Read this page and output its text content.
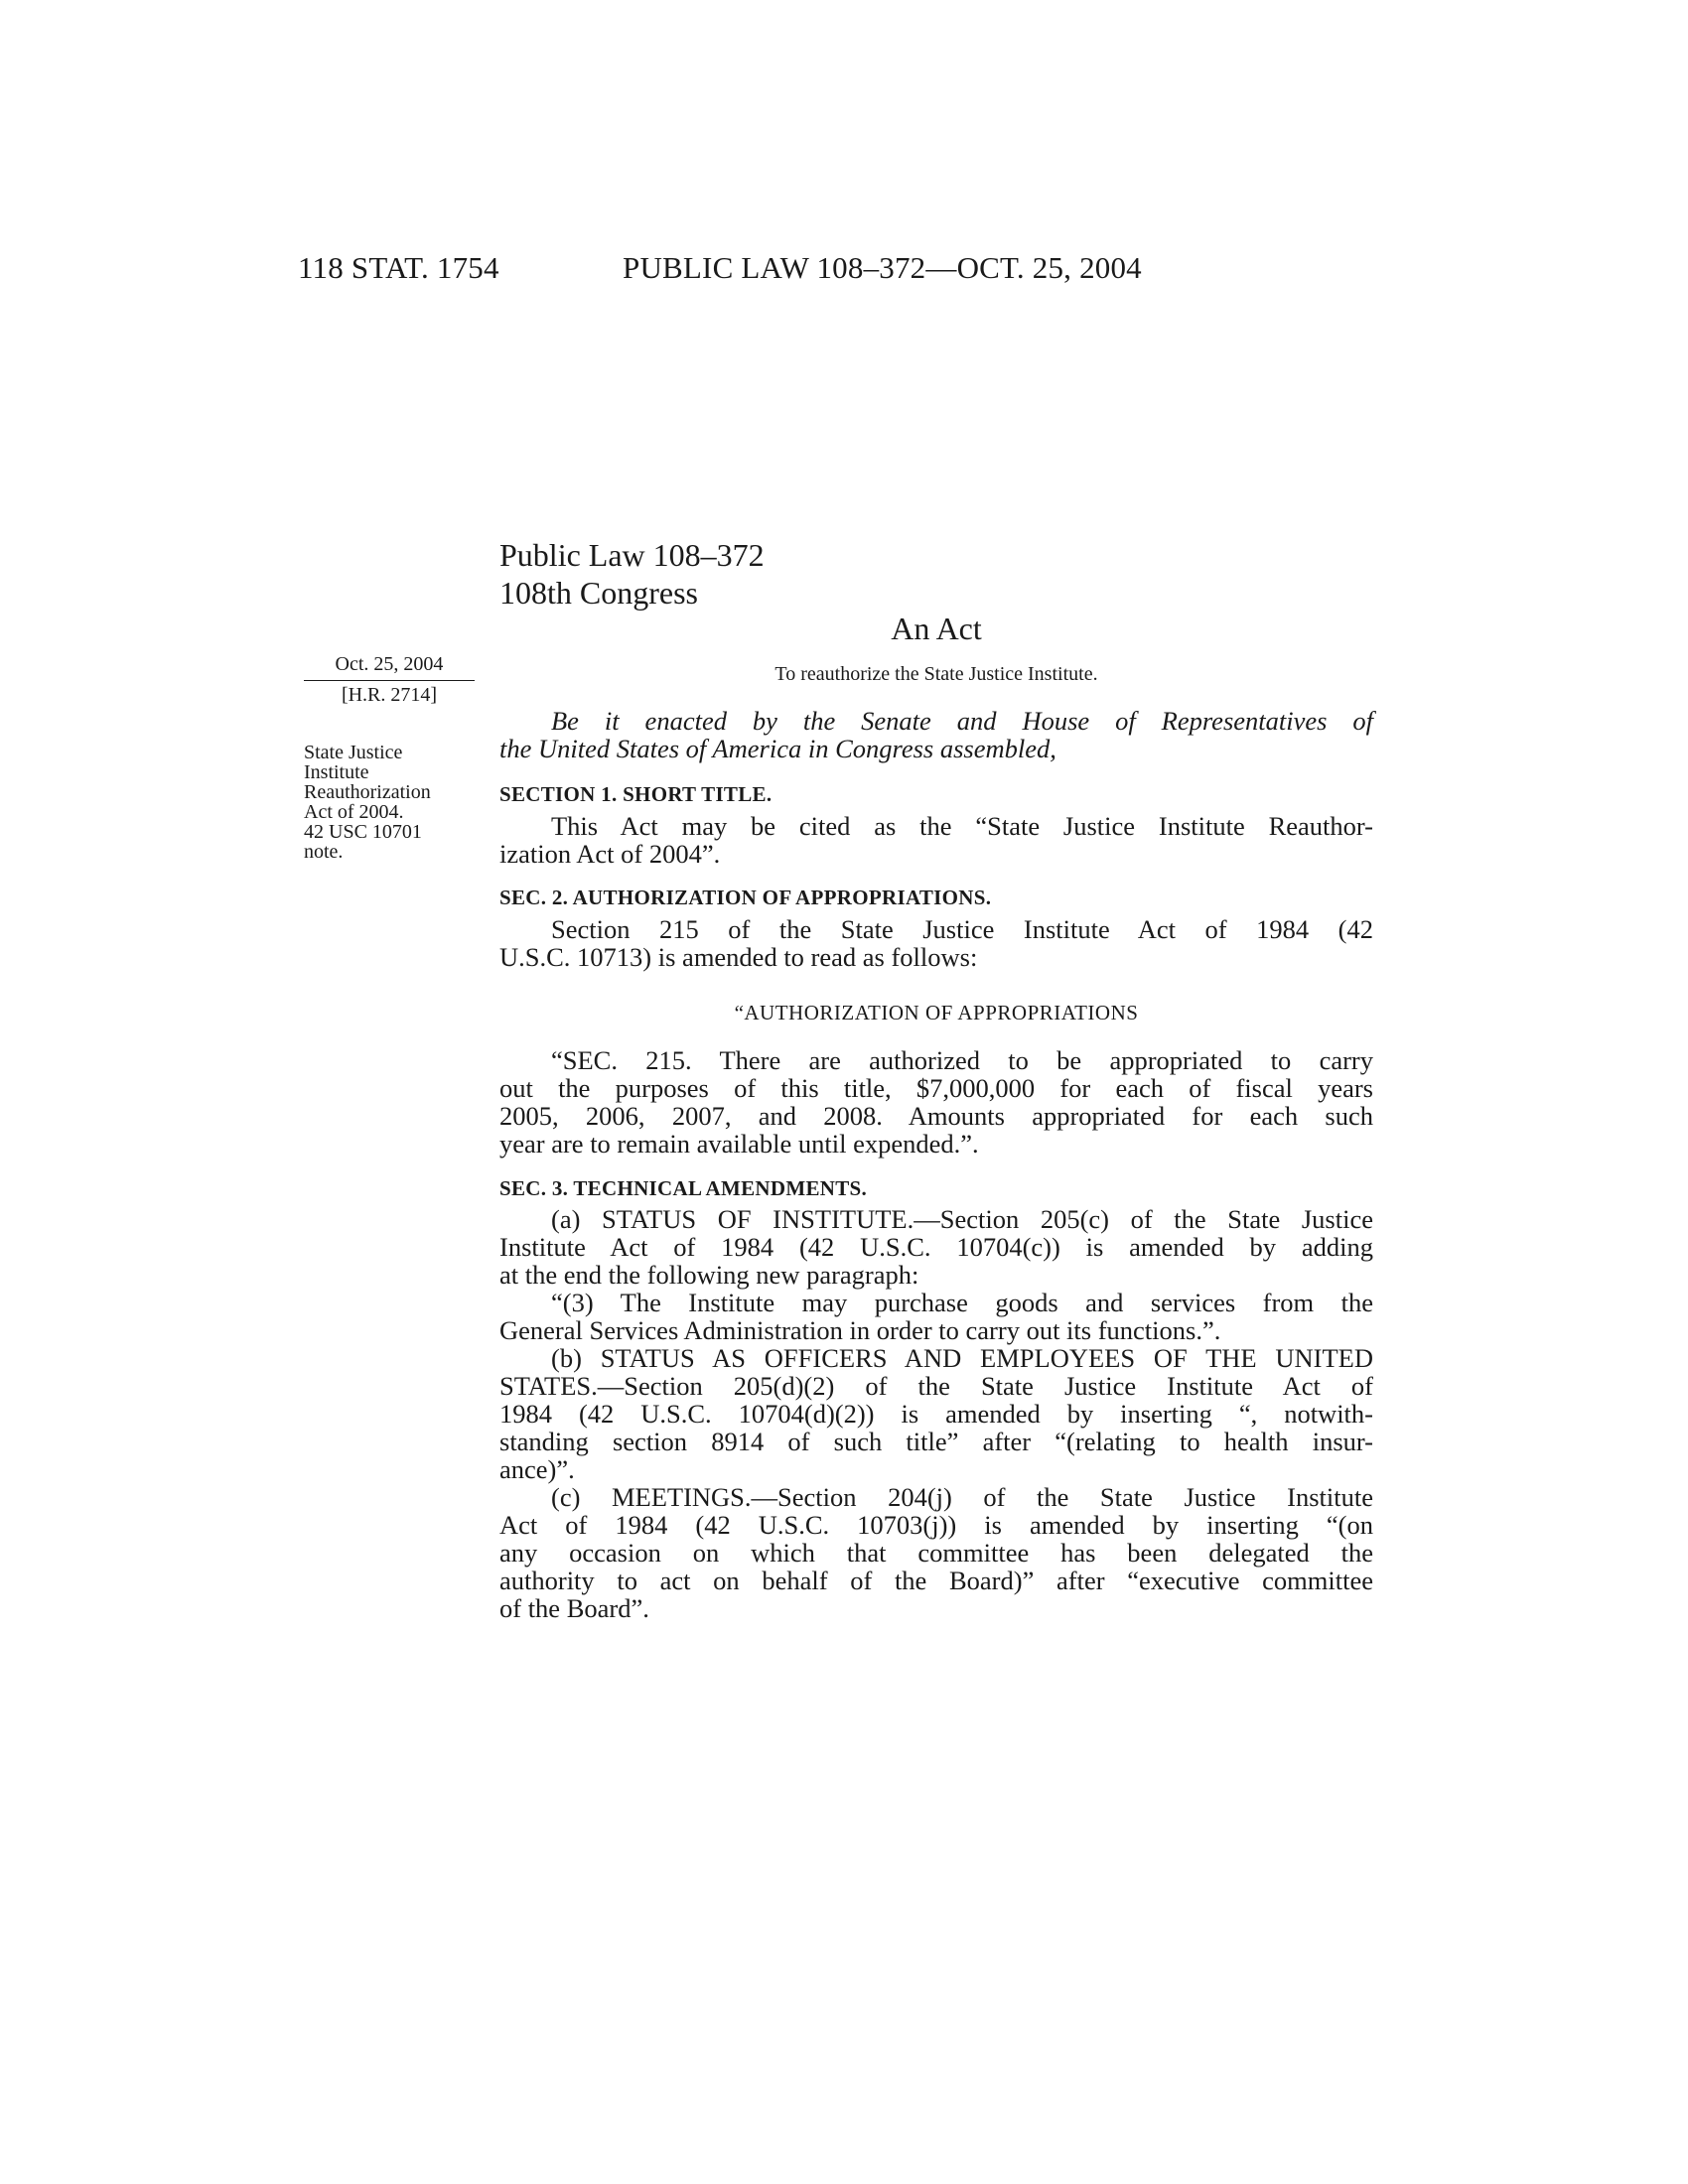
118 STAT. 1754	PUBLIC LAW 108–372—OCT. 25, 2004
Public Law 108–372
108th Congress
An Act
To reauthorize the State Justice Institute.
Oct. 25, 2004
[H.R. 2714]
State Justice
Institute
Reauthorization
Act of 2004.
42 USC 10701
note.
Be it enacted by the Senate and House of Representatives of
the United States of America in Congress assembled,
SECTION 1. SHORT TITLE.
This Act may be cited as the “State Justice Institute Reauthor-
ization Act of 2004”.
SEC. 2. AUTHORIZATION OF APPROPRIATIONS.
Section 215 of the State Justice Institute Act of 1984 (42
U.S.C. 10713) is amended to read as follows:
“AUTHORIZATION OF APPROPRIATIONS
“SEC. 215. There are authorized to be appropriated to carry
out the purposes of this title, $7,000,000 for each of fiscal years
2005, 2006, 2007, and 2008. Amounts appropriated for each such
year are to remain available until expended.”.
SEC. 3. TECHNICAL AMENDMENTS.
(a) STATUS OF INSTITUTE.—Section 205(c) of the State Justice
Institute Act of 1984 (42 U.S.C. 10704(c)) is amended by adding
at the end the following new paragraph:
“(3) The Institute may purchase goods and services from the
General Services Administration in order to carry out its functions.”.
(b) STATUS AS OFFICERS AND EMPLOYEES OF THE UNITED
STATES.—Section 205(d)(2) of the State Justice Institute Act of
1984 (42 U.S.C. 10704(d)(2)) is amended by inserting “, notwith-
standing section 8914 of such title” after “(relating to health insur-
ance)”.
(c) MEETINGS.—Section 204(j) of the State Justice Institute
Act of 1984 (42 U.S.C. 10703(j)) is amended by inserting “(on
any occasion on which that committee has been delegated the
authority to act on behalf of the Board)” after “executive committee
of the Board”.
